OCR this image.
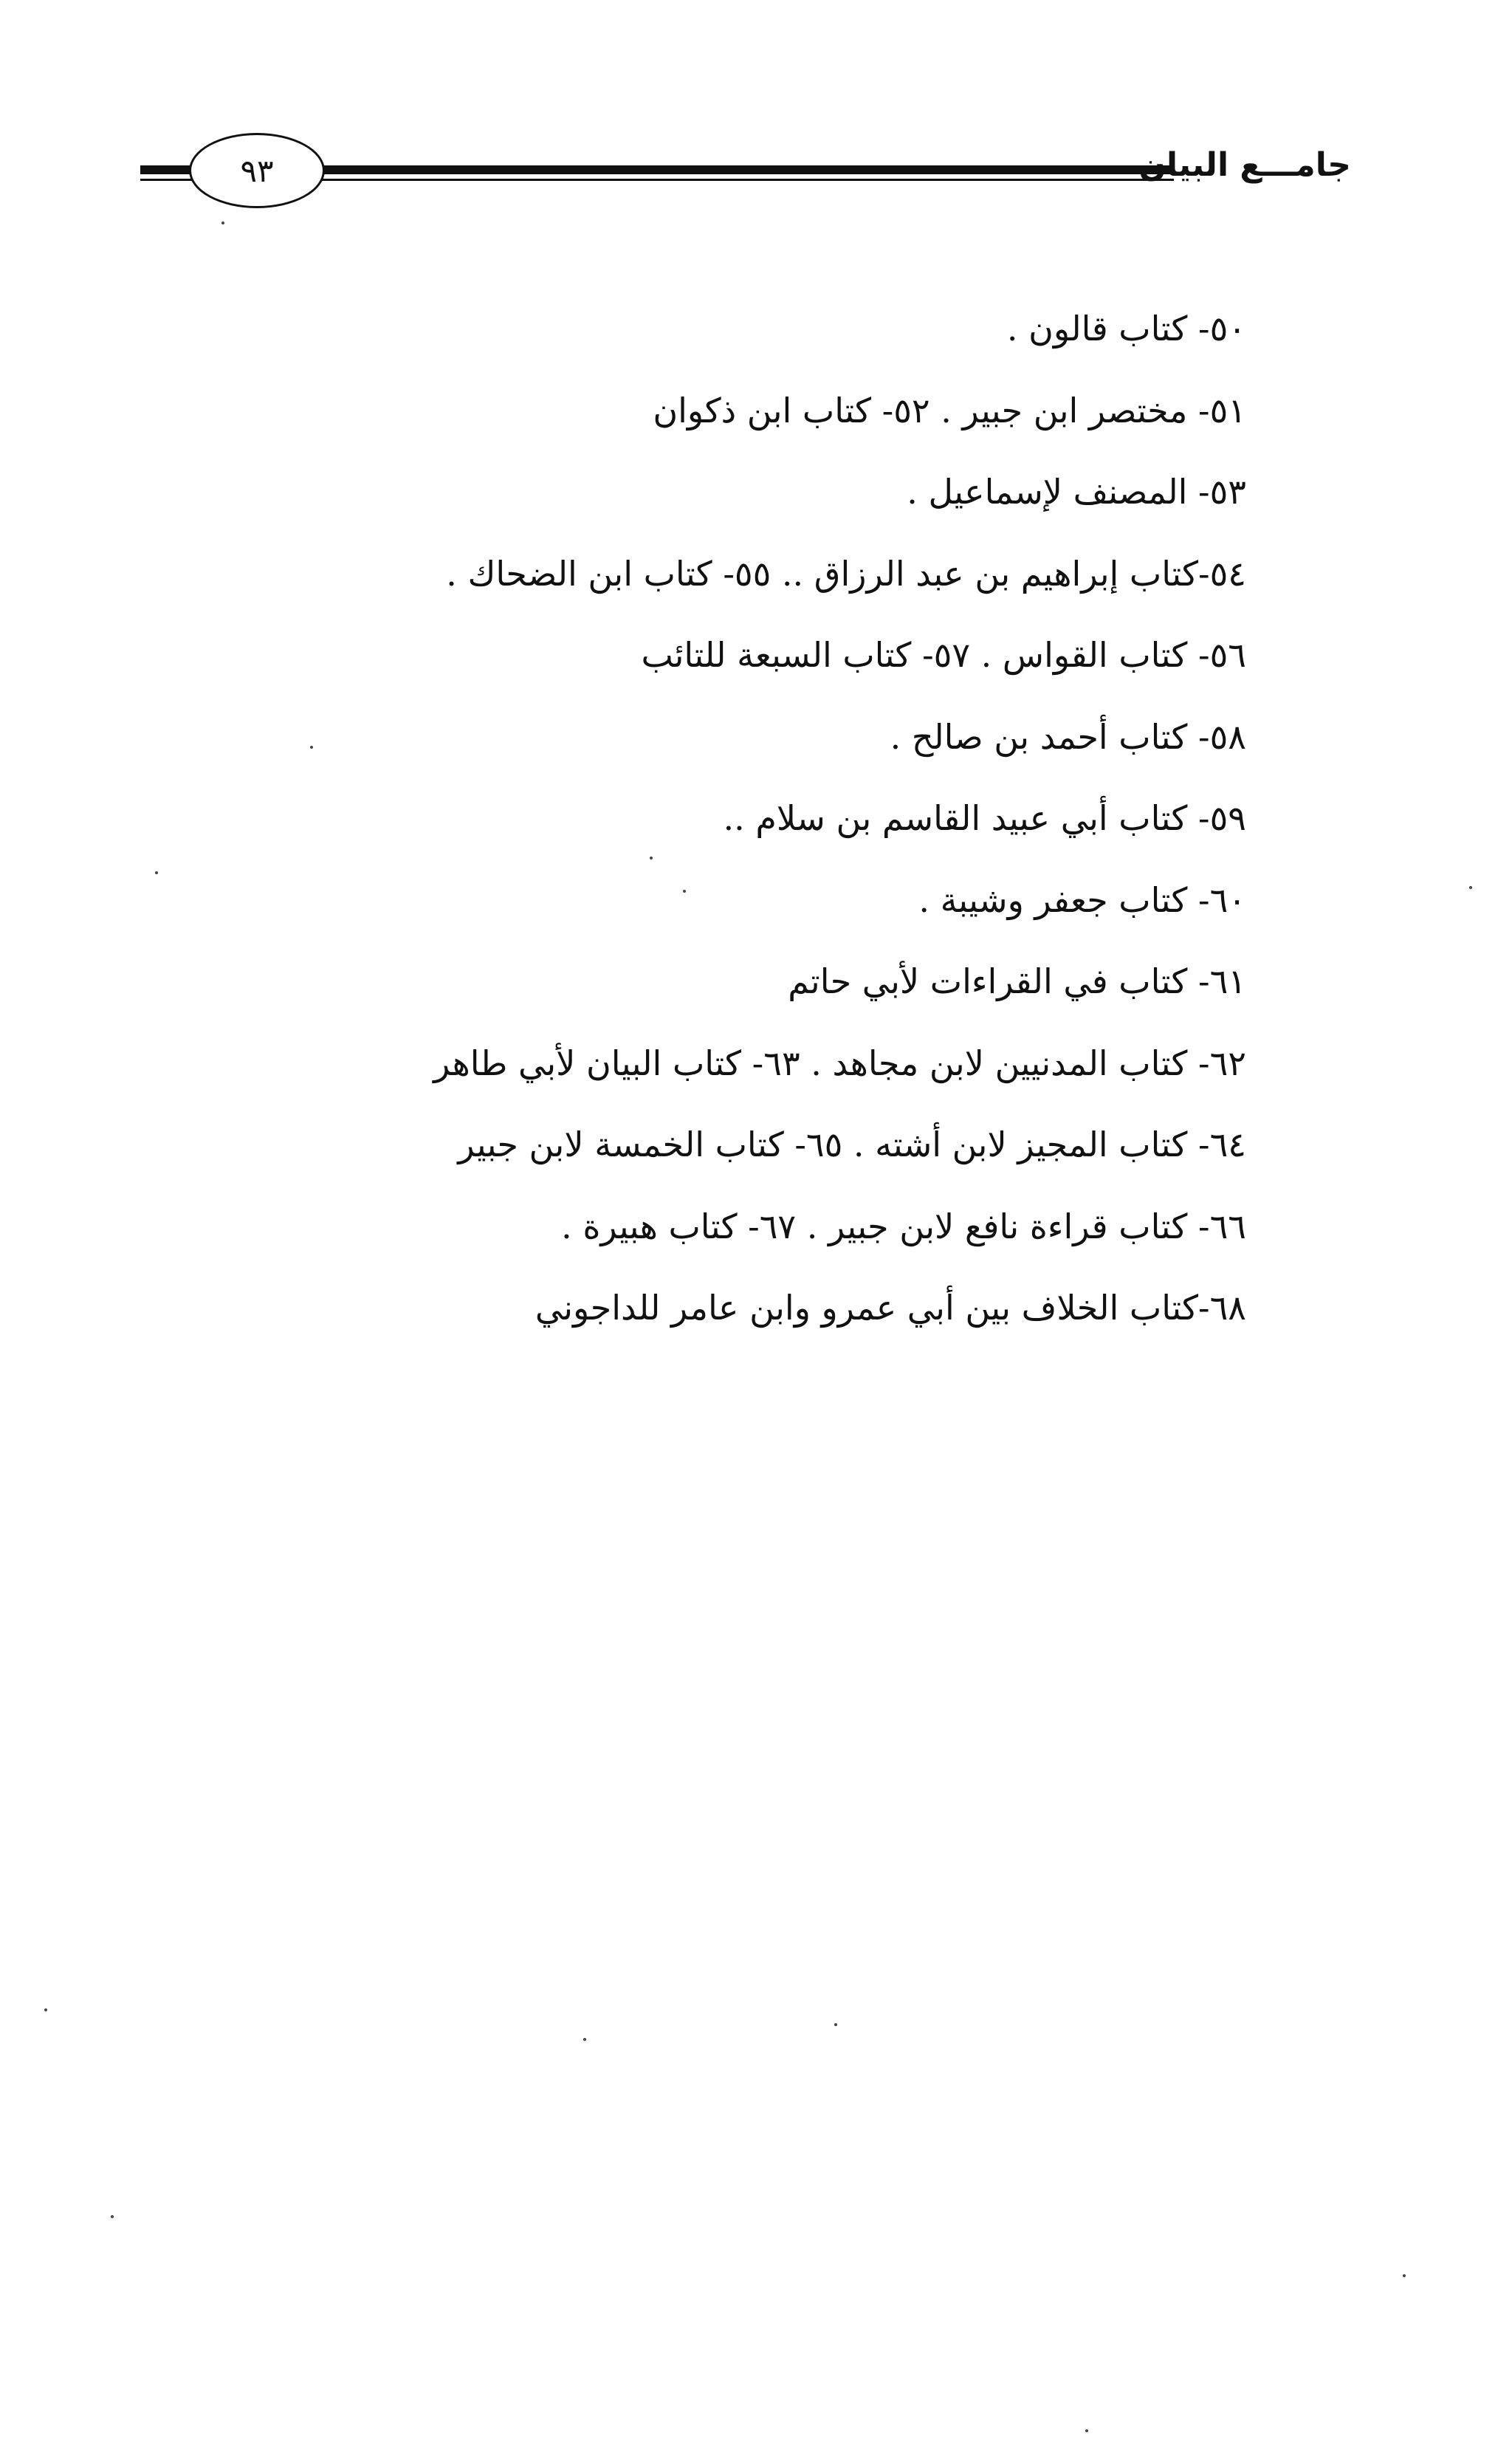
٩٣	جامـــع البيان
٥٠- كتاب قالون .
٥١- مختصر ابن جبير . ٥٢- كتاب ابن ذكوان
٥٣- المصنف لإسماعيل .
٥٤-كتاب إبراهيم بن عبد الرزاق .. ٥٥- كتاب ابن الضحاك .
٥٦- كتاب القواس . ٥٧- كتاب السبعة للتائب
٥٨- كتاب أحمد بن صالح .
٥٩- كتاب أبي عبيد القاسم بن سلام ..
٦٠- كتاب جعفر وشيبة .
٦١- كتاب في القراءات لأبي حاتم
٦٢- كتاب المدنيين لابن مجاهد . ٦٣- كتاب البيان لأبي طاهر
٦٤- كتاب المجيز لابن أشته . ٦٥- كتاب الخمسة لابن جبير
٦٦- كتاب قراءة نافع لابن جبير . ٦٧- كتاب هبيرة .
٦٨-كتاب الخلاف بين أبي عمرو وابن عامر للداجوني
